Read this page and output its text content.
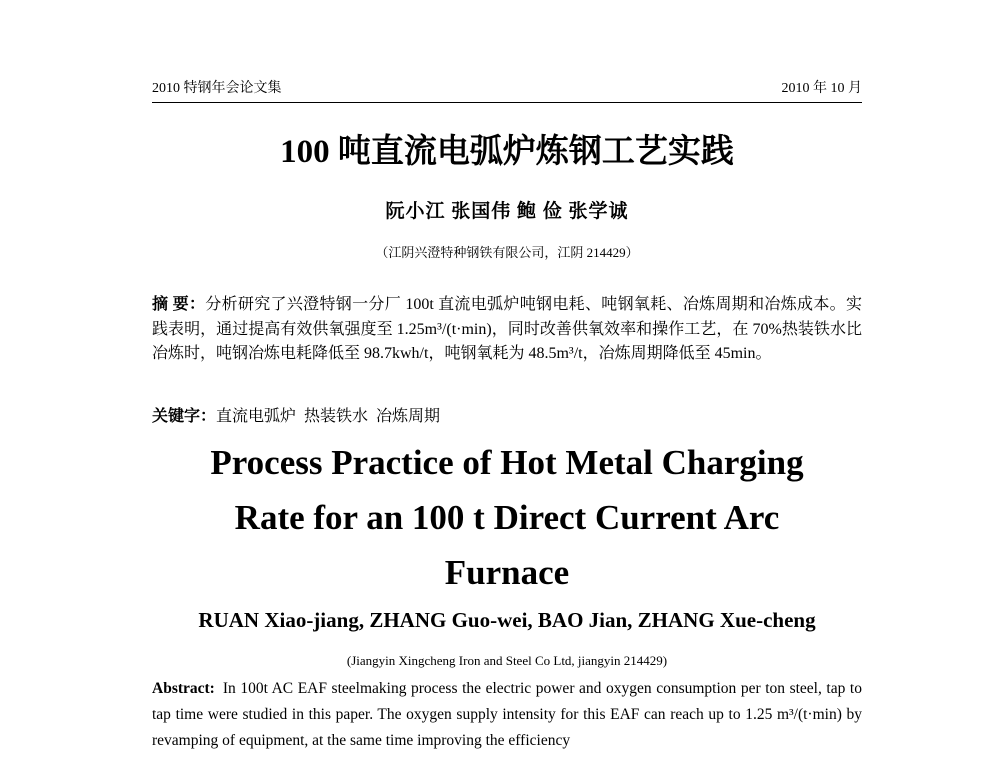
2010 特钢年会论文集	2010 年 10 月
100 吨直流电弧炉炼钢工艺实践
阮小江 张国伟 鲍 俭 张学诚
（江阴兴澄特种钢铁有限公司，江阴 214429）
摘 要：分析研究了兴澄特钢一分厂 100t 直流电弧炉吨钢电耗、吨钢氧耗、冶炼周期和冶炼成本。实践表明，通过提高有效供氧强度至 1.25m³/(t·min)，同时改善供氧效率和操作工艺，在 70%热装铁水比冶炼时，吨钢冶炼电耗降低至 98.7kwh/t，吨钢氧耗为 48.5m³/t，冶炼周期降低至 45min。
关键字：直流电弧炉  热装铁水  冶炼周期
Process Practice of Hot Metal Charging
Rate for an 100 t Direct Current Arc
Furnace
RUAN Xiao-jiang, ZHANG Guo-wei, BAO Jian, ZHANG Xue-cheng
(Jiangyin Xingcheng Iron and Steel Co Ltd, jiangyin 214429)
Abstract: In 100t AC EAF steelmaking process the electric power and oxygen consumption per ton steel, tap to tap time were studied in this paper. The oxygen supply intensity for this EAF can reach up to 1.25 m³/(t·min) by revamping of equipment, at the same time improving the efficiency
